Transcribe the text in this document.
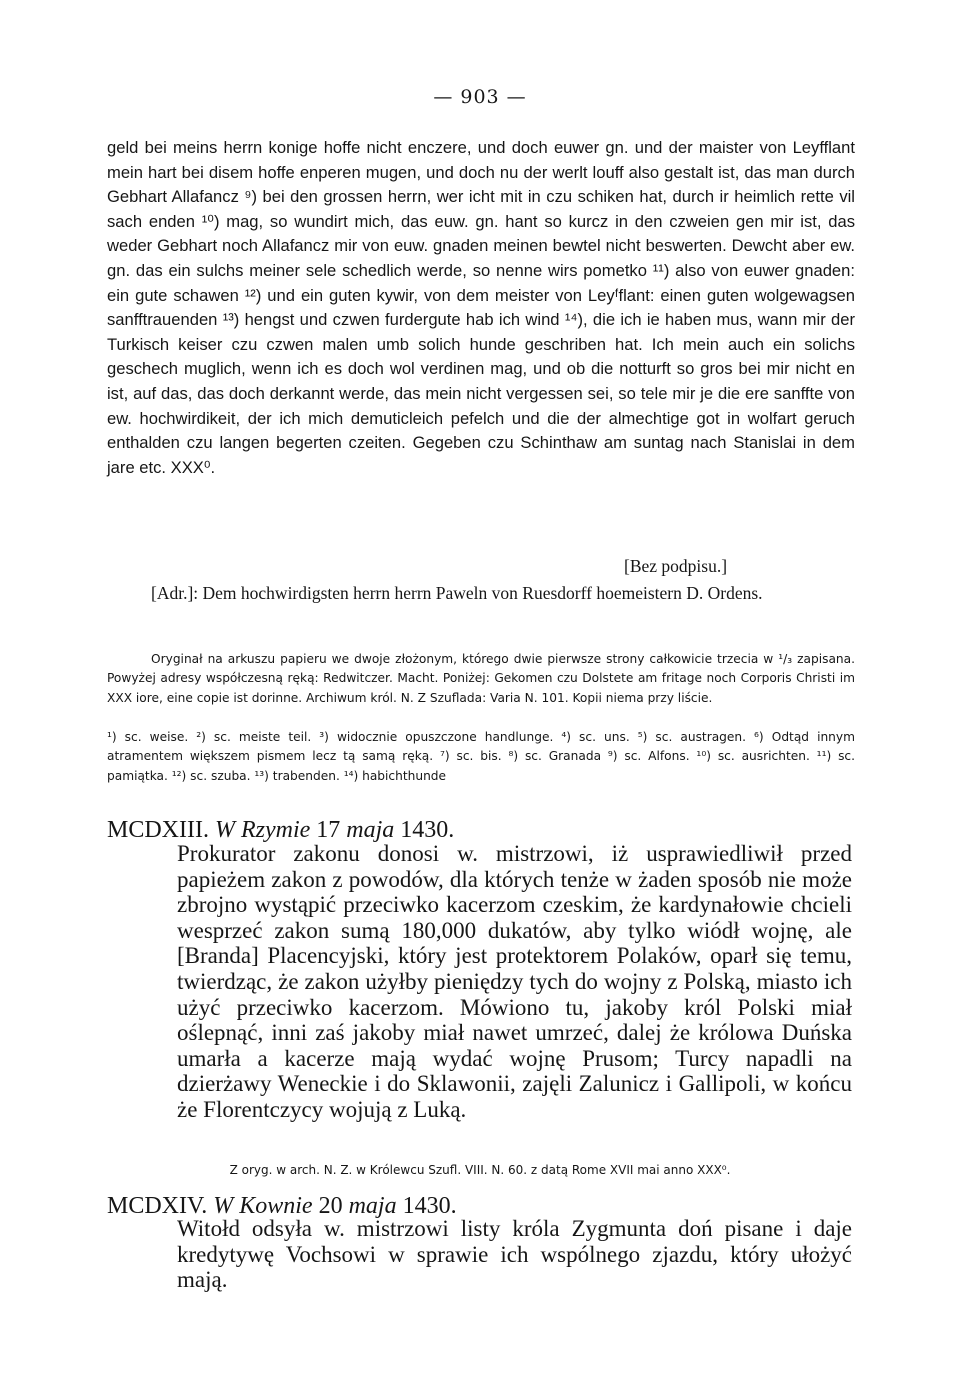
— 903 —

geld bei meins herrn konige hoffe nicht enczere, und doch euwer gn. und der maister von Leyfflant mein hart bei disem hoffe enperen mugen, und doch nu der werlt louff also gestalt ist, das man durch Gebhart Allafancz ⁹) bei den grossen herrn, wer icht mit in czu schiken hat, durch ir heimlich rette vil sach enden ¹⁰) mag, so wundirt mich, das euw. gn. hant so kurcz in den czweien gen mir ist, das weder Gebhart noch Allafancz mir von euw. gnaden meinen bewtel nicht beswerten. Dewcht aber ew. gn. das ein sulchs meiner sele schedlich werde, so nenne wirs pometko ¹¹) also von euwer gnaden: ein gute schawen ¹²) und ein guten kywir, von dem meister von Leyᶠflant: einen guten wolgewagsen sanfftrauenden ¹³) hengst und czwen furdergute hab ich wind ¹⁴), die ich ie haben mus, wann mir der Turkisch keiser czu czwen malen umb solich hunde geschriben hat. Ich mein auch ein solichs geschech muglich, wenn ich es doch wol verdinen mag, und ob die notturft so gros bei mir nicht en ist, auf das, das doch derkannt werde, das mein nicht vergessen sei, so tele mir je die ere sanffte von ew. hochwirdikeit, der ich mich demuticleich pefelch und die der almechtige got in wolfart geruch enthalden czu langen begerten czeiten. Gegeben czu Schinthaw am suntag nach Stanislai in dem jare etc. XXX⁰.

[Bez podpisu.]
[Adr.]: Dem hochwirdigsten herrn herrn Paweln von Ruesdorff hoemeistern D. Ordens.

Oryginał na arkuszu papieru we dwoje złożonym, którego dwie pierwsze strony całkowicie trzecia w ¹/₃ zapisana. Powyżej adresy współczesną ręką: Redwitczer. Macht. Poniżej: Gekomen czu Dolstete am fritage noch Corporis Christi im XXX iore, eine copie ist dorinne. Archiwum król. N. Z Szuflada: Varia N. 101. Kopii niema przy liście.

¹) sc. weise. ²) sc. meiste teil. ³) widocznie opuszczone handlunge. ⁴) sc. uns. ⁵) sc. austragen. ⁶) Odtąd innym atramentem większem pismem lecz tą samą ręką. ⁷) sc. bis. ⁸) sc. Granada ⁹) sc. Alfons. ¹⁰) sc. ausrichten. ¹¹) sc. pamiątka. ¹²) sc. szuba. ¹³) trabenden. ¹⁴) habichthunde

MCDXIII. W Rzymie 17 maja 1430.
Prokurator zakonu donosi w. mistrzowi, iż usprawiedliwił przed papieżem zakon z powodów, dla których tenże w żaden sposób nie może zbrojno wystąpić przeciwko kacerzom czeskim, że kardynałowie chcieli wesprzeć zakon sumą 180,000 dukatów, aby tylko wiódł wojnę, ale [Branda] Placencyjski, który jest protektorem Polaków, oparł się temu, twierdząc, że zakon użyłby pieniędzy tych do wojny z Polską, miasto ich użyć przeciwko kacerzom. Mówiono tu, jakoby król Polski miał oślepnąć, inni zaś jakoby miał nawet umrzeć, dalej że królowa Duńska umarła a kacerze mają wydać wojnę Prusom; Turcy napadli na dzierżawy Weneckie i do Sklawonii, zajęli Zalunicz i Gallipoli, w końcu że Florentczycy wojują z Luką.
Z oryg. w arch. N. Z. w Królewcu Szufl. VIII. N. 60. z datą Rome XVII mai anno XXX⁰.
MCDXIV. W Kownie 20 maja 1430.
Witołd odsyła w. mistrzowi listy króla Zygmunta doń pisane i daje kredytywę Vochsowi w sprawie ich wspólnego zjazdu, który ułożyć mają.
